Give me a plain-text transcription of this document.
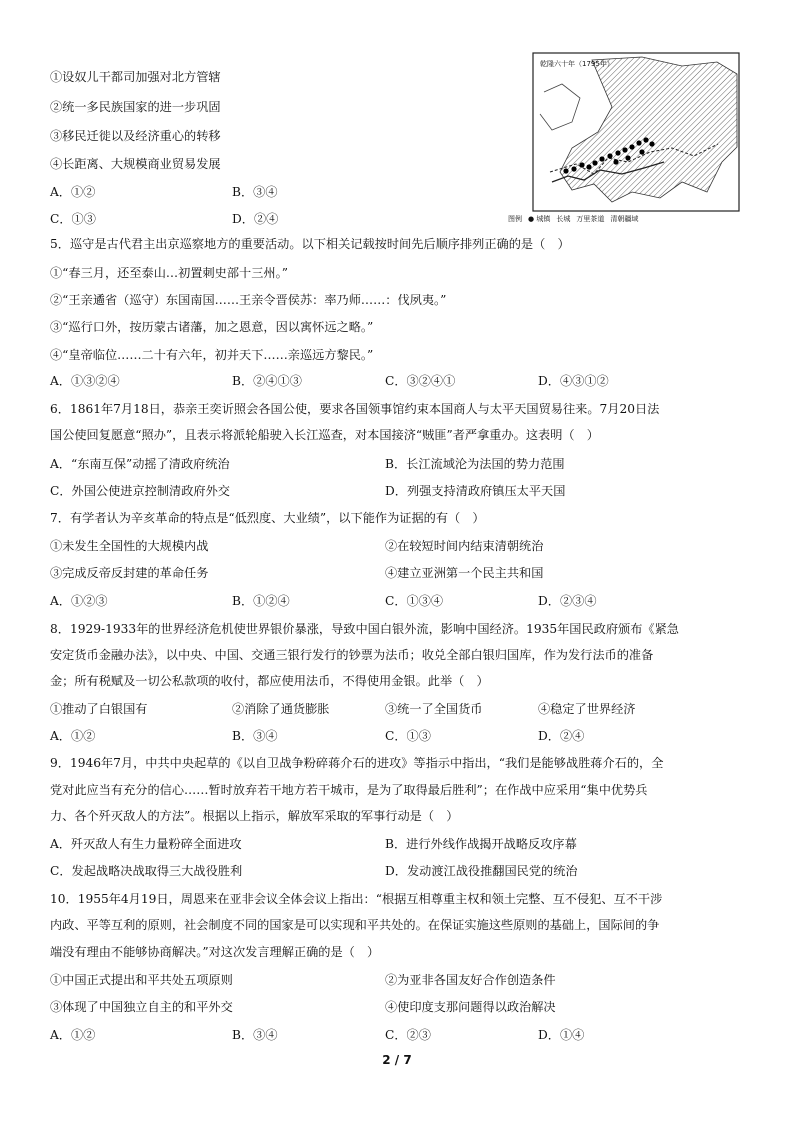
①设奴儿干都司加强对北方管辖
②统一多民族国家的进一步巩固
③移民迁徙以及经济重心的转移
④长距离、大规模商业贸易发展
A．①②	B．③④
C．①③	D．②④
乾隆六十年（1795年）
图例 ● 城镇 长城 万里茶道 清朝疆域
5．巡守是古代君主出京巡察地方的重要活动。以下相关记载按时间先后顺序排列正确的是（　）
①“春三月，还至泰山…初置刺史部十三州。”
②“王亲遹省（巡守）东国南国……王亲令晋侯苏：率乃师……：伐夙夷。”
③“巡行口外，按历蒙古诸藩，加之恩意，因以寓怀远之略。”
④“皇帝临位……二十有六年，初并天下……亲巡远方黎民。”
A．①③②④	B．②④①③	C．③②④①	D．④③①②
6．1861年7月18日，恭亲王奕䜣照会各国公使，要求各国领事馆约束本国商人与太平天国贸易往来。7月20日法
国公使回复愿意“照办”，且表示将派轮船驶入长江巡查，对本国接济“贼匪”者严拿重办。这表明（　）
A．“东南互保”动摇了清政府统治	B．长江流域沦为法国的势力范围
C．外国公使进京控制清政府外交	D．列强支持清政府镇压太平天国
7．有学者认为辛亥革命的特点是“低烈度、大业绩”，以下能作为证据的有（　）
①未发生全国性的大规模内战	②在较短时间内结束清朝统治
③完成反帝反封建的革命任务	④建立亚洲第一个民主共和国
A．①②③	B．①②④	C．①③④	D．②③④
8．1929-1933年的世界经济危机使世界银价暴涨，导致中国白银外流，影响中国经济。1935年国民政府颁布《紧急
安定货币金融办法》，以中央、中国、交通三银行发行的钞票为法币；收兑全部白银归国库，作为发行法币的准备
金；所有税赋及一切公私款项的收付，都应使用法币，不得使用金银。此举（　）
①推动了白银国有	②消除了通货膨胀	③统一了全国货币	④稳定了世界经济
A．①②	B．③④	C．①③	D．②④
9．1946年7月，中共中央起草的《以自卫战争粉碎蒋介石的进攻》等指示中指出，“我们是能够战胜蒋介石的，全
党对此应当有充分的信心……暂时放弃若干地方若干城市，是为了取得最后胜利”；在作战中应采用“集中优势兵
力、各个歼灭敌人的方法”。根据以上指示，解放军采取的军事行动是（　）
A．歼灭敌人有生力量粉碎全面进攻	B．进行外线作战揭开战略反攻序幕
C．发起战略决战取得三大战役胜利	D．发动渡江战役推翻国民党的统治
10．1955年4月19日，周恩来在亚非会议全体会议上指出：“根据互相尊重主权和领土完整、互不侵犯、互不干涉
内政、平等互利的原则，社会制度不同的国家是可以实现和平共处的。在保证实施这些原则的基础上，国际间的争
端没有理由不能够协商解决。”对这次发言理解正确的是（　）
①中国正式提出和平共处五项原则	②为亚非各国友好合作创造条件
③体现了中国独立自主的和平外交	④使印度支那问题得以政治解决
A．①②	B．③④	C．②③	D．①④
2 / 7
